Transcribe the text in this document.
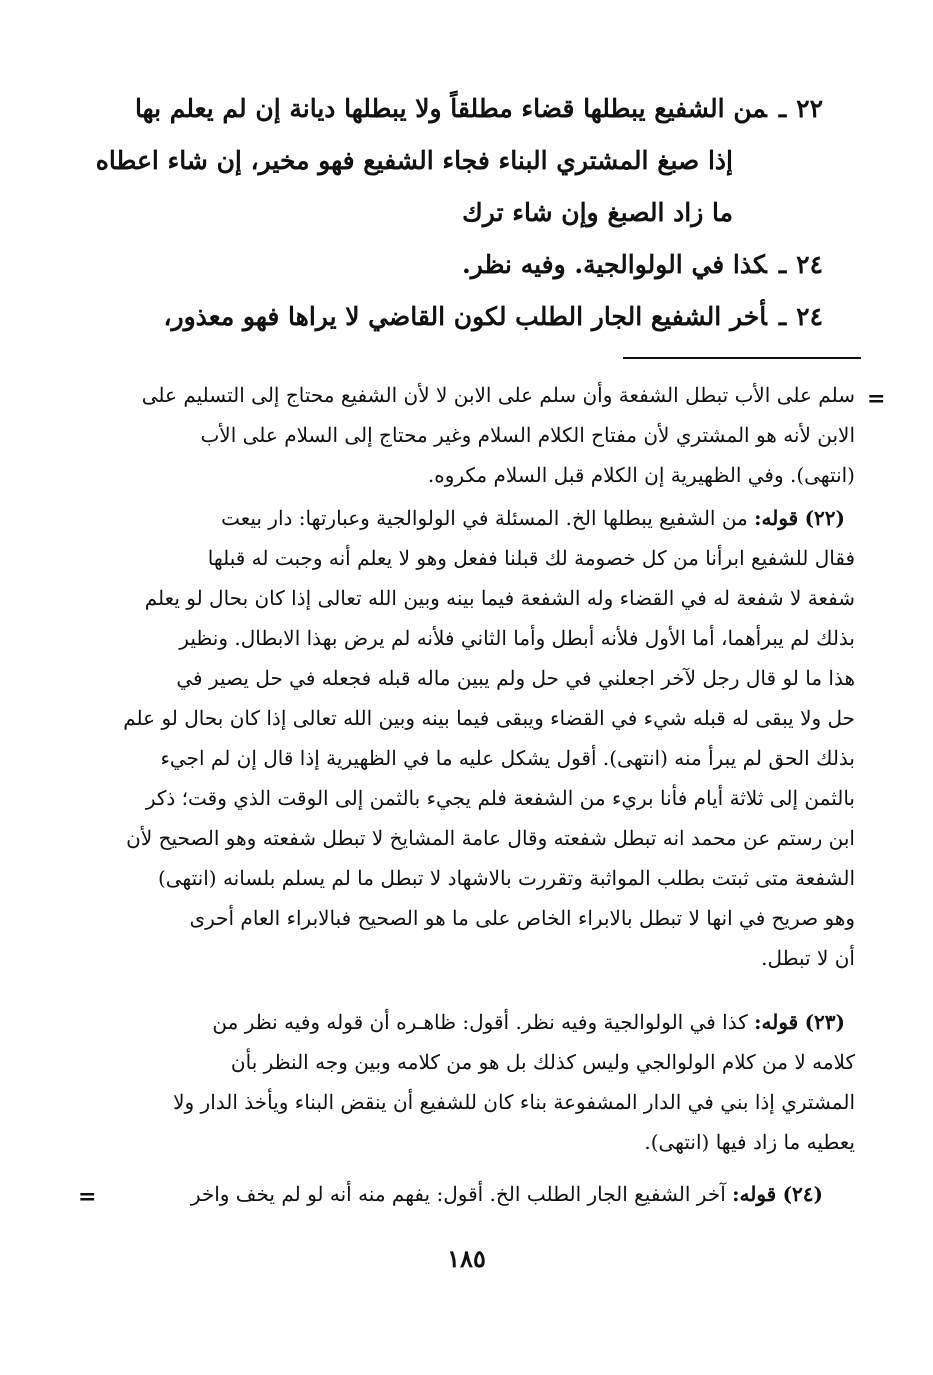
٢٢ـمن الشفيع يبطلها قضاء مطلقاً ولا يبطلها ديانة إن لم يعلم بها
إذا صبغ المشتري البناء فجاء الشفيع فهو مخير، إن شاء اعطاه
ما زاد الصبغ وإن شاء ترك
٢٤ـكذا في الولوالجية. وفيه نظر.
٢٤ـأخر الشفيع الجار الطلب لكون القاضي لا يراها فهو معذور،
=
سلم على الأب تبطل الشفعة وأن سلم على الابن لا لأن الشفيع محتاج إلى التسليم على
الابن لأنه هو المشتري لأن مفتاح الكلام السلام وغير محتاج إلى السلام على الأب
(انتهى). وفي الظهيرية إن الكلام قبل السلام مكروه.
(٢٢) قوله: من الشفيع يبطلها الخ. المسئلة في الولوالجية وعبارتها: دار بيعت
فقال للشفيع ابرأنا من كل خصومة لك قبلنا ففعل وهو لا يعلم أنه وجبت له قبلها
شفعة لا شفعة له في القضاء وله الشفعة فيما بينه وبين الله تعالى إذا كان بحال لو يعلم
بذلك لم يبرأهما، أما الأول فلأنه أبطل وأما الثاني فلأنه لم يرض بهذا الابطال. ونظير
هذا ما لو قال رجل لآخر اجعلني في حل ولم يبين ماله قبله فجعله في حل يصير في
حل ولا يبقى له قبله شيء في القضاء ويبقى فيما بينه وبين الله تعالى إذا كان بحال لو علم
بذلك الحق لم يبرأ منه (انتهى). أقول يشكل عليه ما في الظهيرية إذا قال إن لم اجيء
بالثمن إلى ثلاثة أيام فأنا بريء من الشفعة فلم يجيء بالثمن إلى الوقت الذي وقت؛ ذكر
ابن رستم عن محمد انه تبطل شفعته وقال عامة المشايخ لا تبطل شفعته وهو الصحيح لأن
الشفعة متى ثبتت بطلب المواثبة وتقررت بالاشهاد لا تبطل ما لم يسلم بلسانه (انتهى)
وهو صريح في انها لا تبطل بالابراء الخاص على ما هو الصحيح فبالابراء العام أحرى
أن لا تبطل.
(٢٣) قوله: كذا في الولوالجية وفيه نظر. أقول: ظاهـره أن قوله وفيه نظر من
كلامه لا من كلام الولوالجي وليس كذلك بل هو من كلامه وبين وجه النظر بأن
المشتري إذا بني في الدار المشفوعة بناء كان للشفيع أن ينقض البناء ويأخذ الدار ولا
يعطيه ما زاد فيها (انتهى).
(٢٤) قوله: آخر الشفيع الجار الطلب الخ. أقول: يفهم منه أنه لو لم يخف واخر
=
١٨٥
